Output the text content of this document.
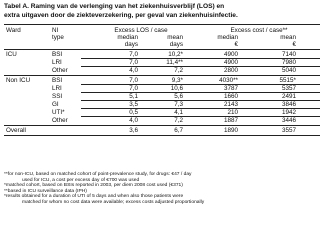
Tabel A. Raming van de verlenging van het ziekenhuisverblijf (LOS) en
extra uitgaven door de ziekteverzekering, per geval van ziekenhuisinfectie.
Ward	NI
type
Excess LOS / case	Excess cost / case**
median	mean	median	mean
days	days	€	€
ICU	BSI	7,0	10,2*	4900	7140
LRI	7,0	11,4**	4900	7980
Other	4,0	7,2	2800	5040
Non ICU	BSI	7,0	9,3*	4030**	5515*
LRI	7,0	10,6	3787	5357
SSI	5,1	5,6	1660	2491
GI	3,5	7,3	2143	3846
UTI*	0,5	4,1	210	1942
Other	4,0	7,2	1887	3446
Overall	3,6	6,7	1890	3557
**for non-ICU, based on matched cohort of point-prevalence study, for drugs: €47 / day
used for ICU, a cost per excess day of €700 was used
*matched cohort, based on BSIs reported in 2003, per diem 2008 cost used (€371)
**based in ICU surveillance data (IPH)
*results obtained for a duration of UTI of 5 days and when also those patients were
matched for whom no cost data were available; excess costs adjusted proportionally
